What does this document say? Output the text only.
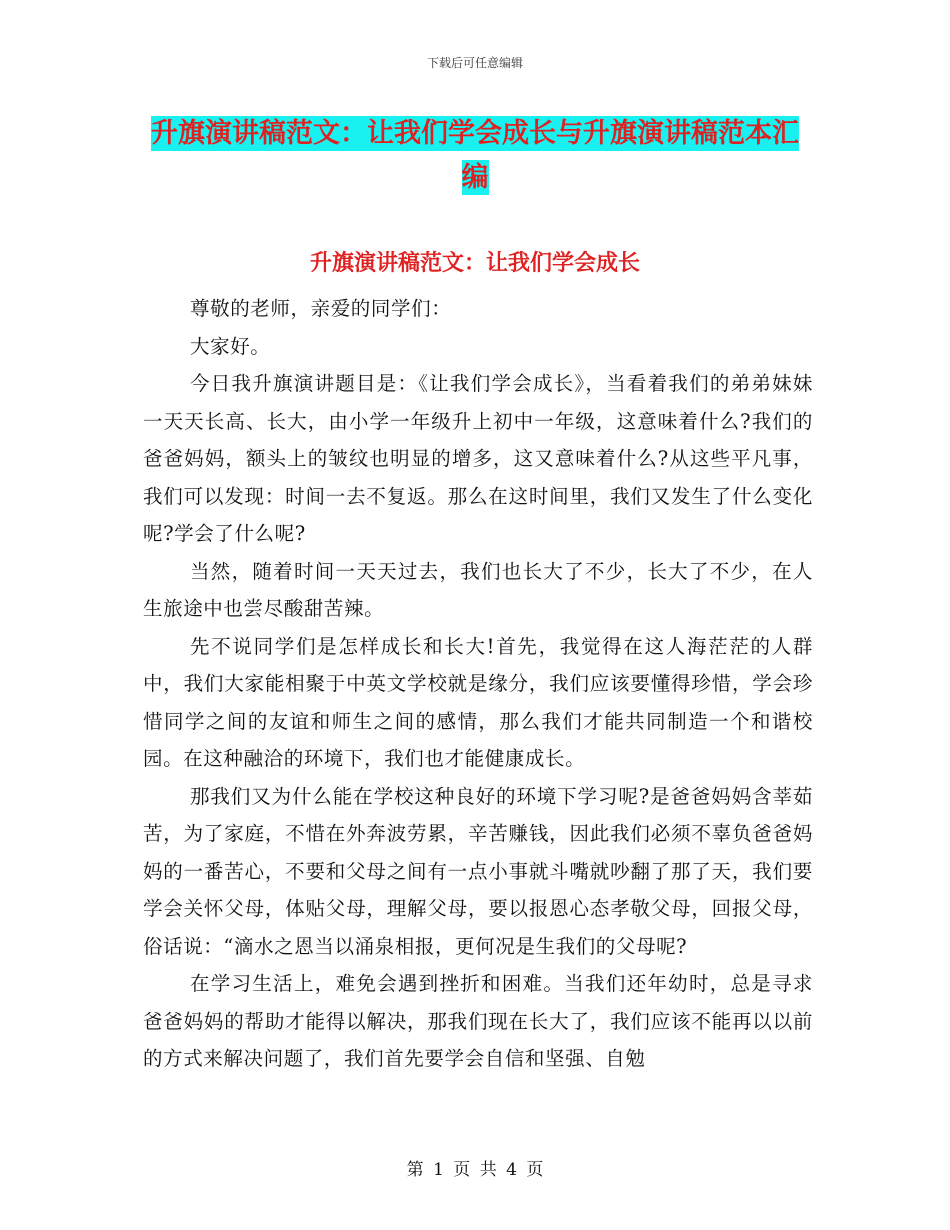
下载后可任意编辑
升旗演讲稿范文：让我们学会成长与升旗演讲稿范本汇编
升旗演讲稿范文：让我们学会成长

尊敬的老师，亲爱的同学们：

大家好。

今日我升旗演讲题目是：《让我们学会成长》，当看着我们的弟弟妹妹一天天长高、长大，由小学一年级升上初中一年级，这意味着什么?我们的爸爸妈妈，额头上的皱纹也明显的增多，这又意味着什么?从这些平凡事，我们可以发现：时间一去不复返。那么在这时间里，我们又发生了什么变化呢?学会了什么呢?

当然，随着时间一天天过去，我们也长大了不少，长大了不少，在人生旅途中也尝尽酸甜苦辣。

先不说同学们是怎样成长和长大!首先，我觉得在这人海茫茫的人群中，我们大家能相聚于中英文学校就是缘分，我们应该要懂得珍惜，学会珍惜同学之间的友谊和师生之间的感情，那么我们才能共同制造一个和谐校园。在这种融洽的环境下，我们也才能健康成长。

那我们又为什么能在学校这种良好的环境下学习呢?是爸爸妈妈含莘茹苦，为了家庭，不惜在外奔波劳累，辛苦赚钱，因此我们必须不辜负爸爸妈妈的一番苦心，不要和父母之间有一点小事就斗嘴就吵翻了那了天，我们要学会关怀父母，体贴父母，理解父母，要以报恩心态孝敬父母，回报父母，俗话说：“滴水之恩当以涌泉相报，更何况是生我们的父母呢?

在学习生活上，难免会遇到挫折和困难。当我们还年幼时，总是寻求爸爸妈妈的帮助才能得以解决，那我们现在长大了，我们应该不能再以以前的方式来解决问题了，我们首先要学会自信和坚强、自勉

第 1 页 共 4 页
